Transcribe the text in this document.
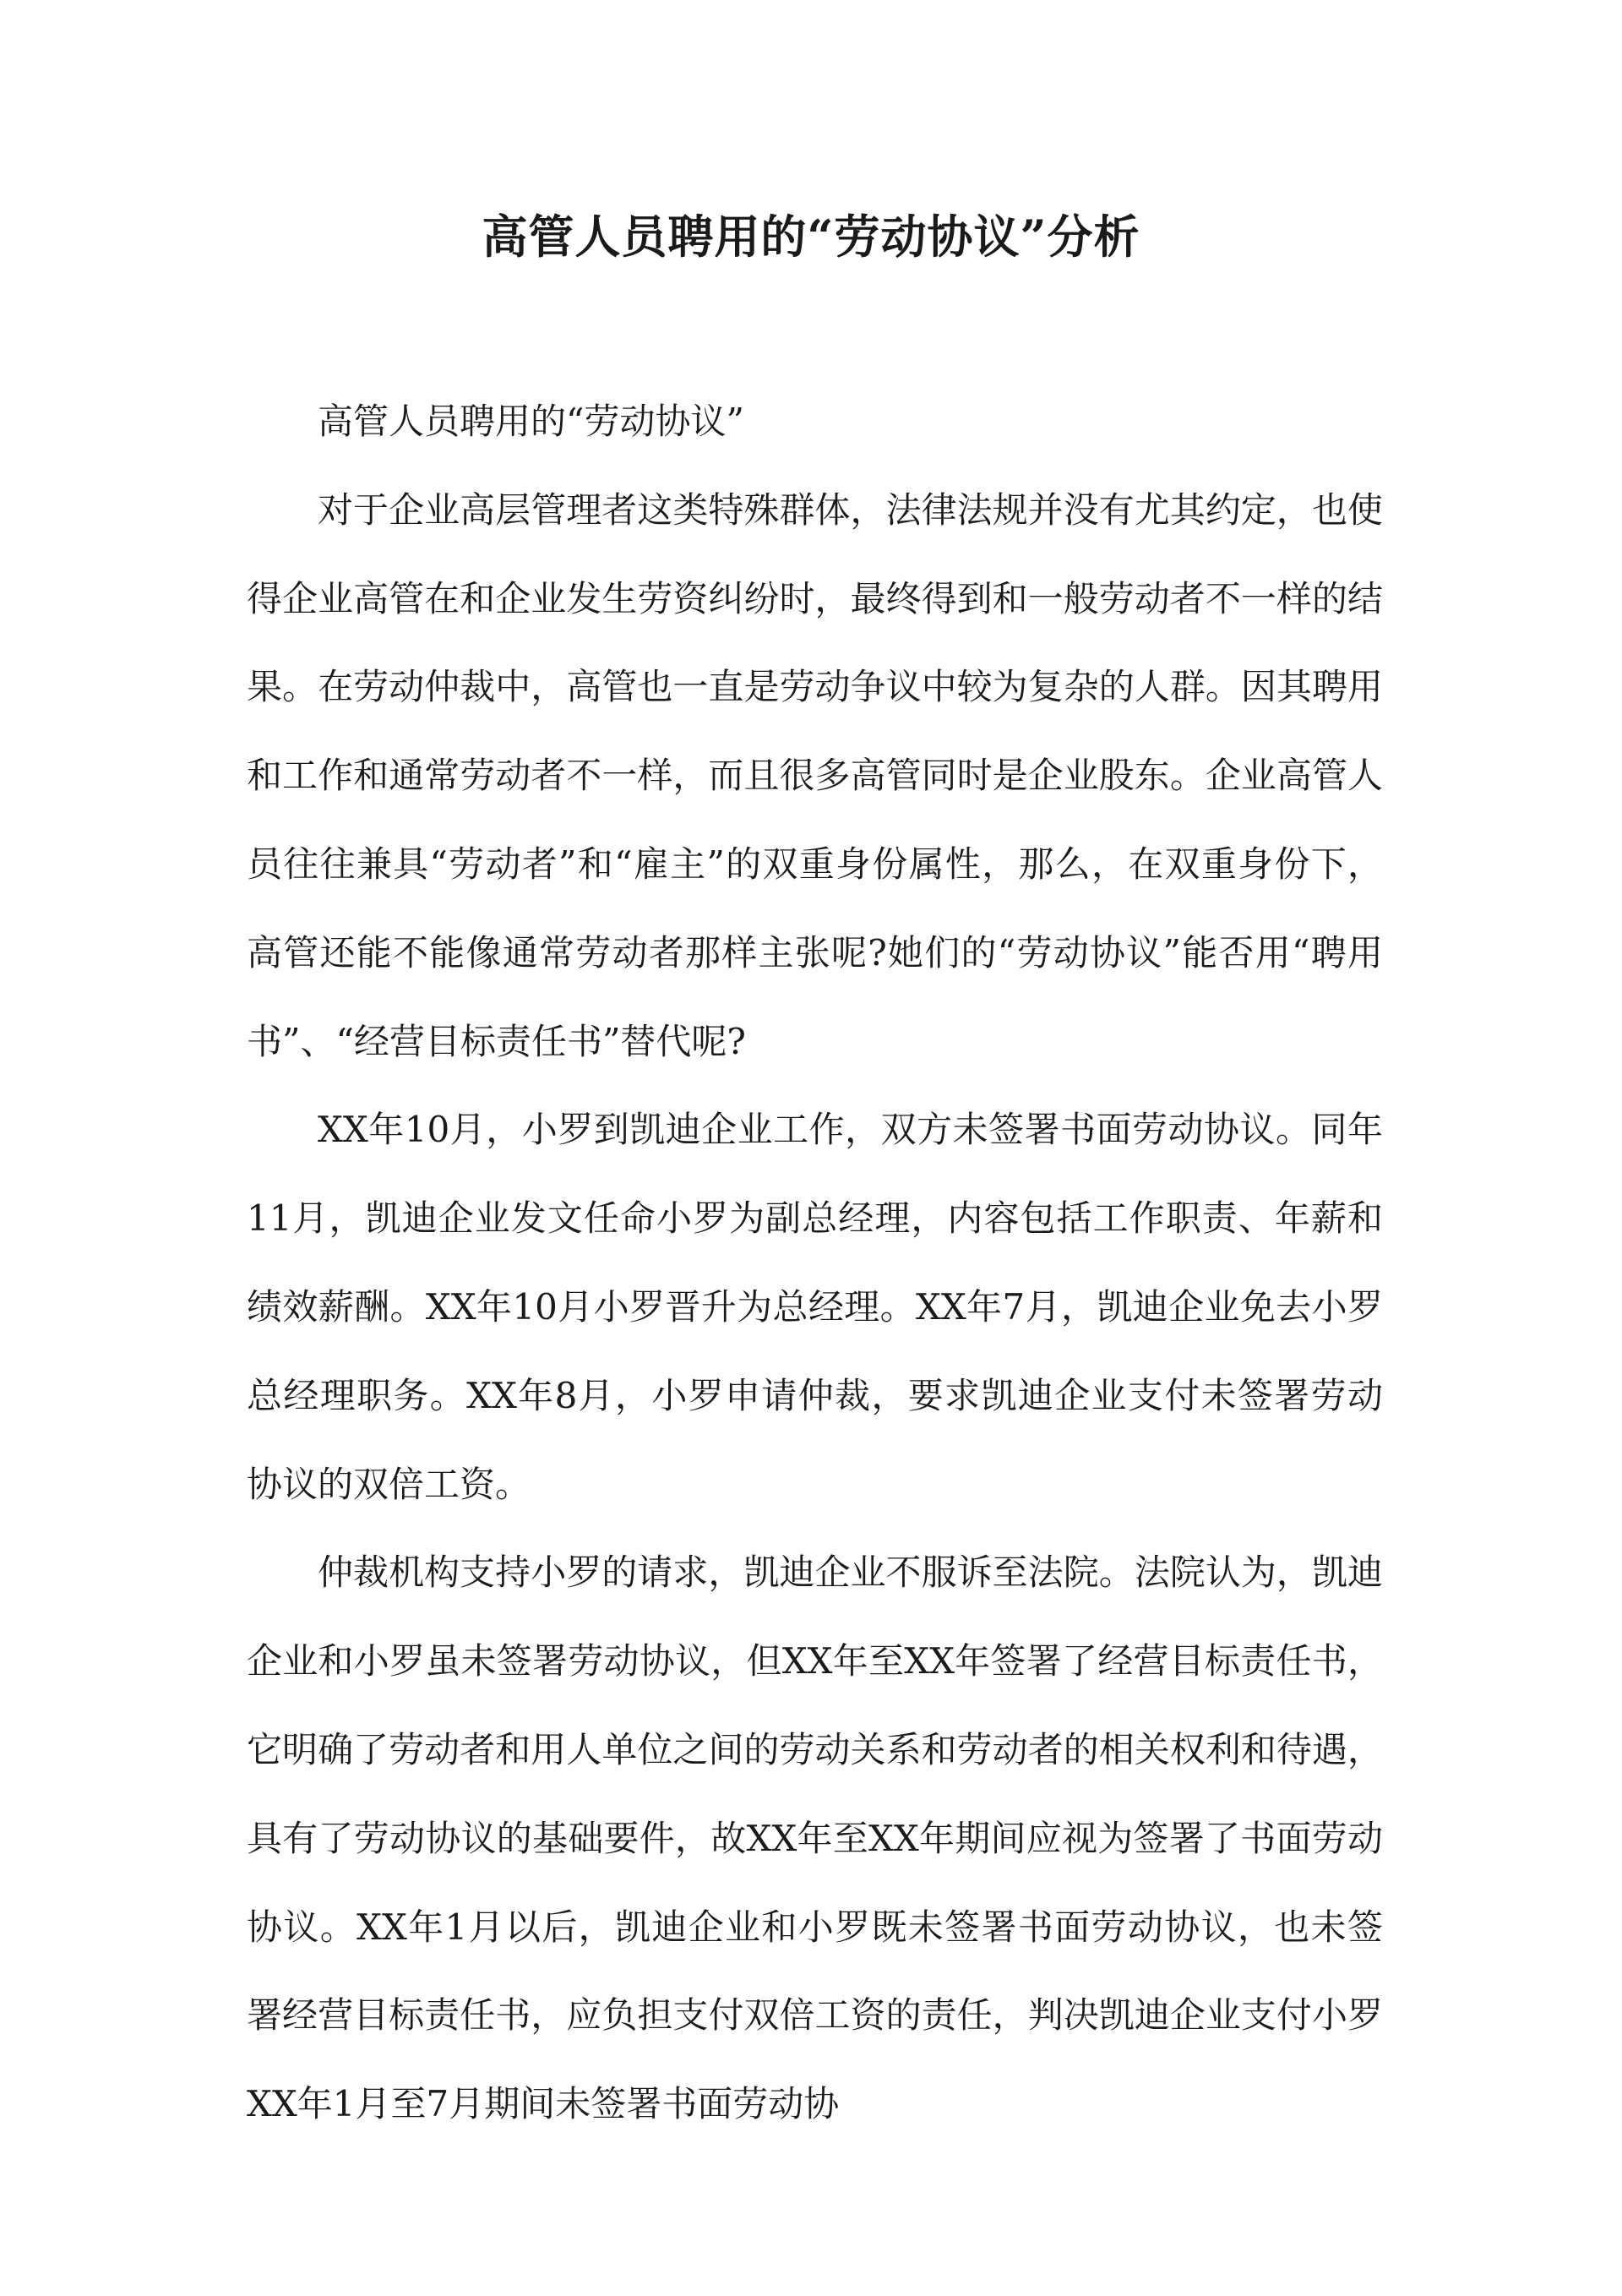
高管人员聘用的“劳动协议”分析

高管人员聘用的“劳动协议”

对于企业高层管理者这类特殊群体，法律法规并没有尤其约定，也使得企业高管在和企业发生劳资纠纷时，最终得到和一般劳动者不一样的结果。在劳动仲裁中，高管也一直是劳动争议中较为复杂的人群。因其聘用和工作和通常劳动者不一样，而且很多高管同时是企业股东。企业高管人员往往兼具“劳动者”和“雇主”的双重身份属性，那么，在双重身份下，高管还能不能像通常劳动者那样主张呢?她们的“劳动协议”能否用“聘用书”、“经营目标责任书”替代呢?

XX年10月，小罗到凯迪企业工作，双方未签署书面劳动协议。同年11月，凯迪企业发文任命小罗为副总经理，内容包括工作职责、年薪和绩效薪酬。XX年10月小罗晋升为总经理。XX年7月，凯迪企业免去小罗总经理职务。XX年8月，小罗申请仲裁，要求凯迪企业支付未签署劳动协议的双倍工资。

仲裁机构支持小罗的请求，凯迪企业不服诉至法院。法院认为，凯迪企业和小罗虽未签署劳动协议，但XX年至XX年签署了经营目标责任书，它明确了劳动者和用人单位之间的劳动关系和劳动者的相关权利和待遇，具有了劳动协议的基础要件，故XX年至XX年期间应视为签署了书面劳动协议。XX年1月以后，凯迪企业和小罗既未签署书面劳动协议，也未签署经营目标责任书，应负担支付双倍工资的责任，判决凯迪企业支付小罗XX年1月至7月期间未签署书面劳动协
